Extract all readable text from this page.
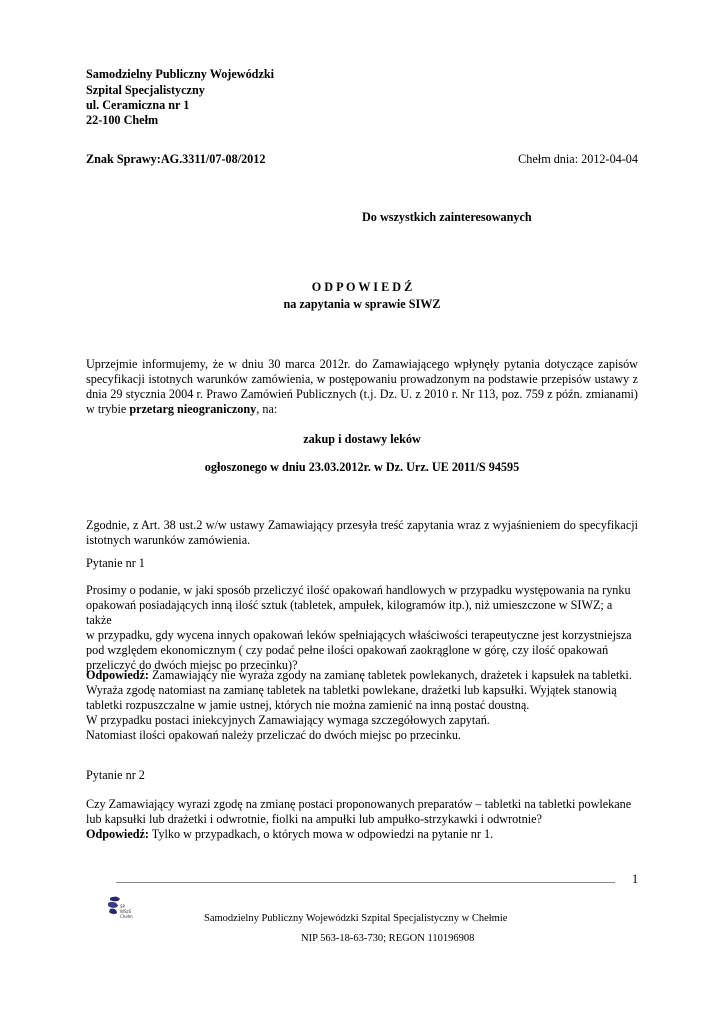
Samodzielny Publiczny Wojewódzki
Szpital Specjalistyczny
ul. Ceramiczna nr 1
22-100 Chełm
Znak Sprawy:AG.3311/07-08/2012	Chełm dnia: 2012-04-04
Do wszystkich zainteresowanych
O D P O W I E D Ź
na zapytania w sprawie SIWZ
Uprzejmie informujemy, że w dniu 30 marca 2012r. do Zamawiającego wpłynęły pytania dotyczące zapisów
specyfikacji istotnych warunków zamówienia, w postępowaniu prowadzonym na podstawie przepisów ustawy z
dnia 29 stycznia 2004 r. Prawo Zamówień Publicznych (t.j. Dz. U. z 2010 r. Nr 113, poz. 759 z późn. zmianami)
w trybie przetarg nieograniczony, na:
zakup i dostawy leków
ogłoszonego w dniu 23.03.2012r. w Dz. Urz. UE 2011/S 94595
Zgodnie, z Art. 38 ust.2 w/w ustawy Zamawiający przesyła treść zapytania wraz z wyjaśnieniem do specyfikacji
istotnych warunków zamówienia.
Pytanie nr 1
Prosimy o podanie, w jaki sposób przeliczyć ilość opakowań handlowych w przypadku występowania na rynku
opakowań posiadających inną ilość sztuk (tabletek, ampułek, kilogramów itp.), niż umieszczone w SIWZ; a także
w przypadku, gdy wycena innych opakowań leków spełniających właściwości terapeutyczne jest korzystniejsza
pod względem ekonomicznym ( czy podać pełne ilości opakowań zaokrąglone w górę, czy ilość opakowań
przeliczyć do dwóch miejsc po przecinku)?
Odpowiedź: Zamawiający nie wyraża zgody na zamianę tabletek powlekanych, drażetek i kapsułek na tabletki.
Wyraża zgodę natomiast na zamianę tabletek na tabletki powlekane, drażetki lub kapsułki. Wyjątek stanowią
tabletki rozpuszczalne w jamie ustnej, których nie można zamienić na inną postać doustną.
W przypadku postaci iniekcyjnych Zamawiający wymaga szczegółowych zapytań.
Natomiast ilości opakowań należy przeliczać do dwóch miejsc po przecinku.
Pytanie nr 2
Czy Zamawiający wyrazi zgodę na zmianę postaci proponowanych preparatów – tabletki na tabletki powlekane
lub kapsułki lub drażetki i odwrotnie, fiolki na ampułki lub ampułko-strzykawki i odwrotnie?
Odpowiedź: Tylko w przypadkach, o których mowa w odpowiedzi na pytanie nr 1.
1
SP
WSzS
Chełm	Samodzielny Publiczny Wojewódzki Szpital Specjalistyczny w Chełmie
NIP 563-18-63-730; REGON 110196908
